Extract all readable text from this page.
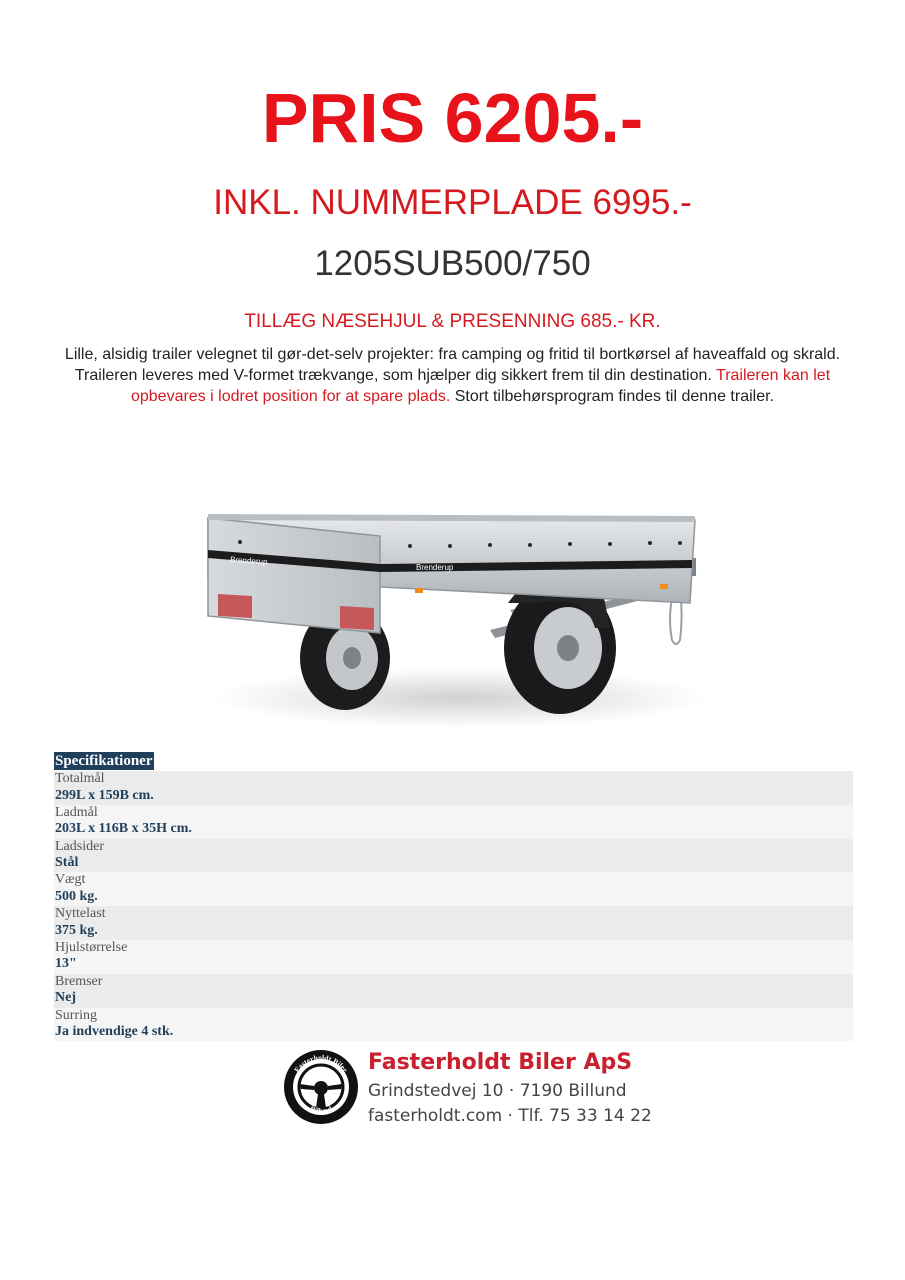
PRIS 6205.-
INKL. NUMMERPLADE 6995.-
1205SUB500/750
TILLÆG NÆSEHJUL & PRESENNING 685.- KR.
Lille, alsidig trailer velegnet til gør-det-selv projekter: fra camping og fritid til bortkørsel af haveaffald og skrald. Traileren leveres med V-formet trækvange, som hjælper dig sikkert frem til din destination. Traileren kan let opbevares i lodret position for at spare plads. Stort tilbehørsprogram findes til denne trailer.
Brenderup
Brenderup
Specifikationer
Totalmål
299L x 159B cm.
Ladmål
203L x 116B x 35H cm.
Ladsider
Stål
Vægt
500 kg.
Nyttelast
375 kg.
Hjulstørrelse
13"
Bremser
Nej
Surring
Ja indvendige 4 stk.
Fasterholdt Biler
Billund
Fasterholdt Biler ApS
Grindstedvej 10 · 7190 Billund
fasterholdt.com · Tlf. 75 33 14 22
